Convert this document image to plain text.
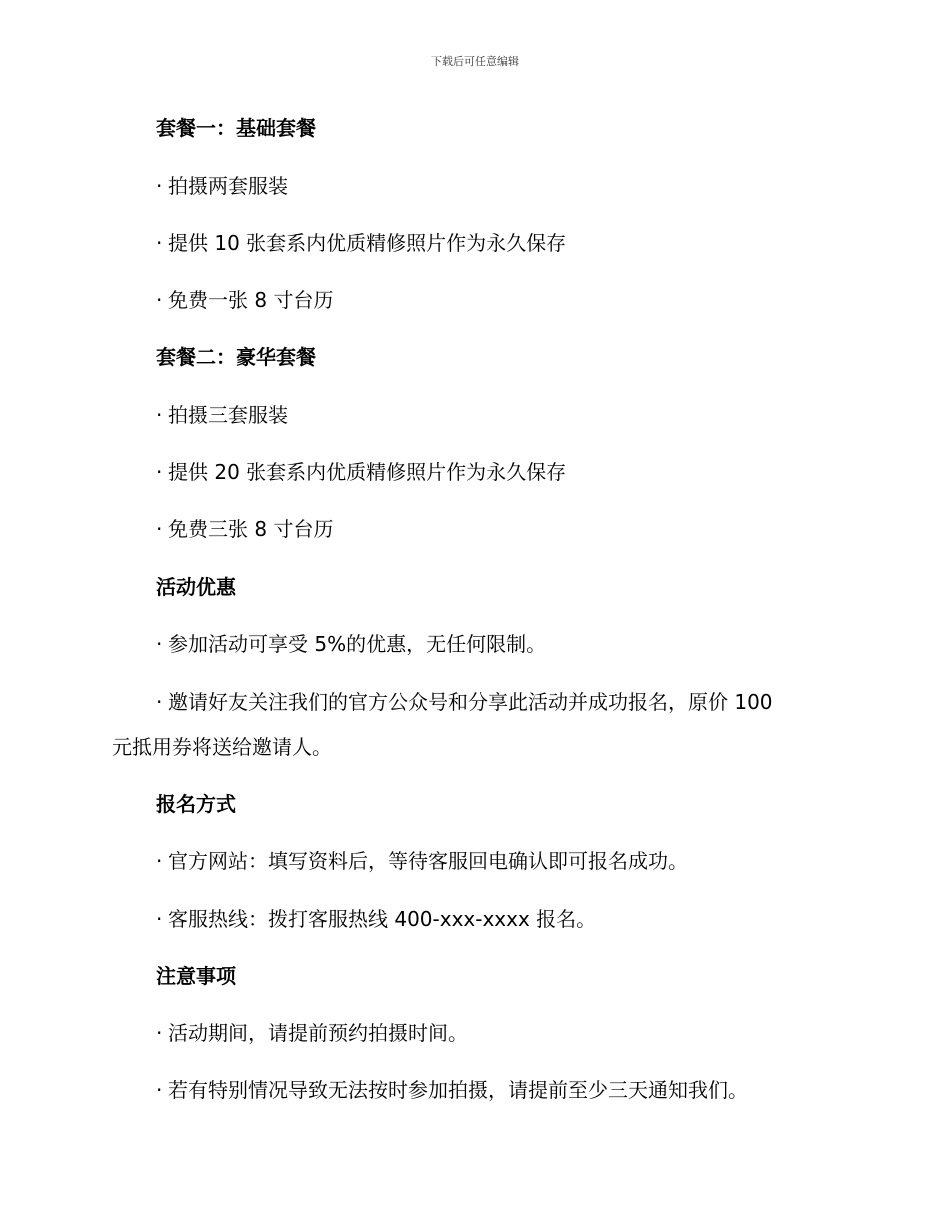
下载后可任意编辑
套餐一：基础套餐
· 拍摄两套服装
· 提供 10 张套系内优质精修照片作为永久保存
· 免费一张 8 寸台历
套餐二：豪华套餐
· 拍摄三套服装
· 提供 20 张套系内优质精修照片作为永久保存
· 免费三张 8 寸台历
活动优惠
· 参加活动可享受 5%的优惠，无任何限制。
· 邀请好友关注我们的官方公众号和分享此活动并成功报名，原价 100
元抵用券将送给邀请人。
报名方式
· 官方网站：填写资料后，等待客服回电确认即可报名成功。
· 客服热线：拨打客服热线 400-xxx-xxxx 报名。
注意事项
· 活动期间，请提前预约拍摄时间。
· 若有特别情况导致无法按时参加拍摄，请提前至少三天通知我们。
